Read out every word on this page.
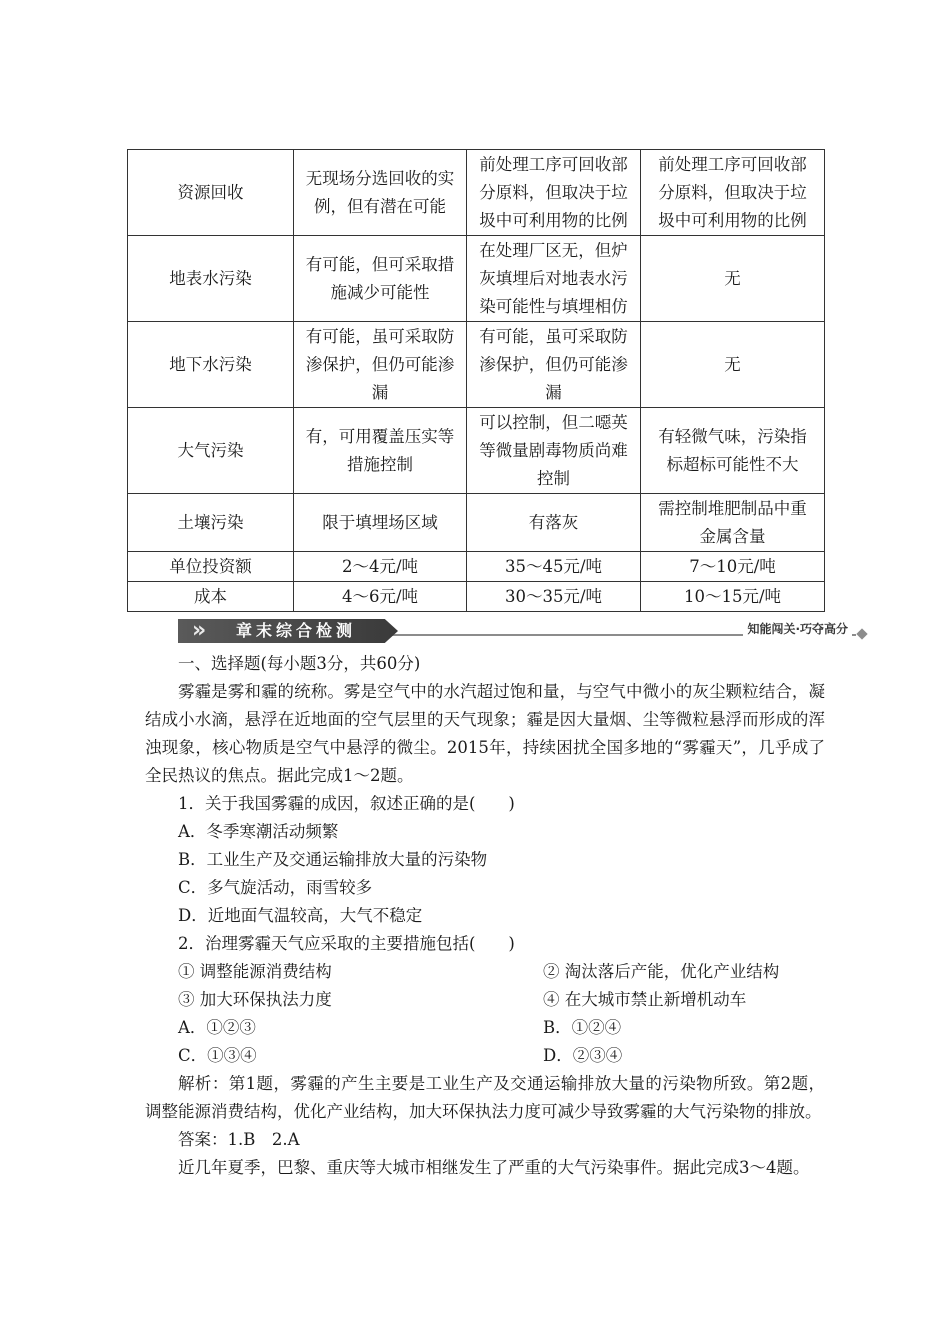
资源回收	无现场分选回收的实例，但有潜在可能	前处理工序可回收部分原料，但取决于垃圾中可利用物的比例	前处理工序可回收部分原料，但取决于垃圾中可利用物的比例
地表水污染	有可能，但可采取措施减少可能性	在处理厂区无，但炉灰填埋后对地表水污染可能性与填埋相仿	无
地下水污染	有可能，虽可采取防渗保护，但仍可能渗漏	有可能，虽可采取防渗保护，但仍可能渗漏	无
大气污染	有，可用覆盖压实等措施控制	可以控制，但二噁英等微量剧毒物质尚难控制	有轻微气味，污染指标超标可能性不大
土壤污染	限于填埋场区域	有落灰	需控制堆肥制品中重金属含量
单位投资额	2～4元/吨	35～45元/吨	7～10元/吨
成本	4～6元/吨	30～35元/吨	10～15元/吨
»	章末综合检测	知能闯关·巧夺高分

一、选择题(每小题3分，共60分)

雾霾是雾和霾的统称。雾是空气中的水汽超过饱和量，与空气中微小的灰尘颗粒结合，凝结成小水滴，悬浮在近地面的空气层里的天气现象；霾是因大量烟、尘等微粒悬浮而形成的浑浊现象，核心物质是空气中悬浮的微尘。2015年，持续困扰全国多地的“雾霾天”，几乎成了全民热议的焦点。据此完成1～2题。

1．关于我国雾霾的成因，叙述正确的是(　　)

A．冬季寒潮活动频繁

B．工业生产及交通运输排放大量的污染物

C．多气旋活动，雨雪较多

D．近地面气温较高，大气不稳定

2．治理雾霾天气应采取的主要措施包括(　　)

① 调整能源消费结构	② 淘汰落后产能，优化产业结构
③ 加大环保执法力度	④ 在大城市禁止新增机动车
A．①②③	B．①②④
C．①③④	D．②③④

解析：第1题，雾霾的产生主要是工业生产及交通运输排放大量的污染物所致。第2题，调整能源消费结构，优化产业结构，加大环保执法力度可减少导致雾霾的大气污染物的排放。

答案：1.B　2.A

近几年夏季，巴黎、重庆等大城市相继发生了严重的大气污染事件。据此完成3～4题。
